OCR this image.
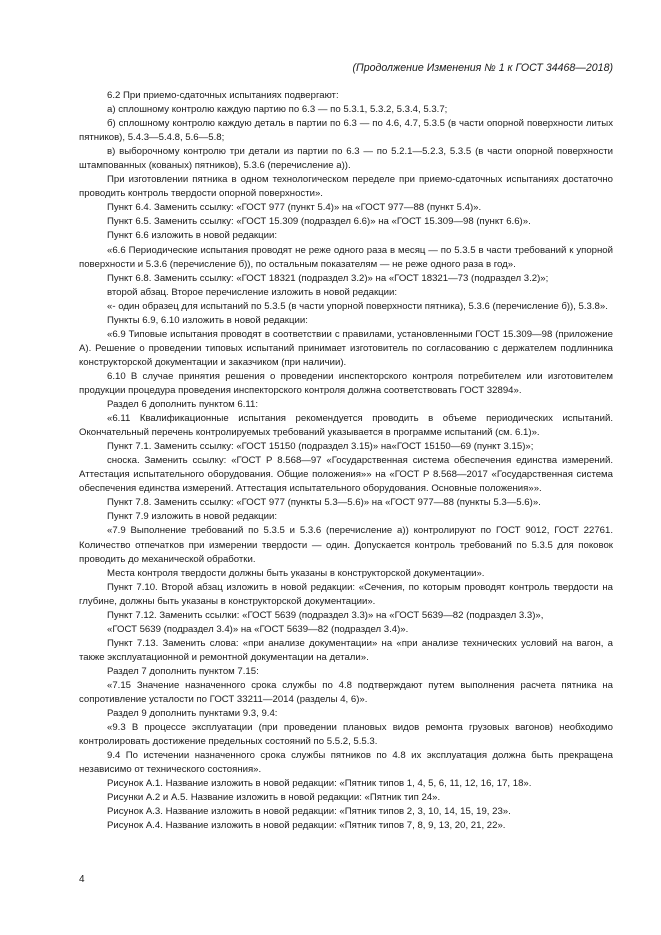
(Продолжение Изменения № 1 к ГОСТ 34468—2018)

6.2 При приемо-сдаточных испытаниях подвергают:

а) сплошному контролю каждую партию по 6.3 — по 5.3.1, 5.3.2, 5.3.4, 5.3.7;

б) сплошному контролю каждую деталь в партии по 6.3 — по 4.6, 4.7, 5.3.5 (в части опорной поверхности литых пятников), 5.4.3—5.4.8, 5.6—5.8;

в) выборочному контролю три детали из партии по 6.3 — по 5.2.1—5.2.3, 5.3.5 (в части опорной поверхности штампованных (кованых) пятников), 5.3.6 (перечисление а)).

При изготовлении пятника в одном технологическом переделе при приемо-сдаточных испытаниях достаточно проводить контроль твердости опорной поверхности».

Пункт 6.4. Заменить ссылку: «ГОСТ 977 (пункт 5.4)» на «ГОСТ 977—88 (пункт 5.4)».

Пункт 6.5. Заменить ссылку: «ГОСТ 15.309 (подраздел 6.6)» на «ГОСТ 15.309—98 (пункт 6.6)».

Пункт 6.6 изложить в новой редакции:

«6.6 Периодические испытания проводят не реже одного раза в месяц — по 5.3.5 в части требований к упорной поверхности и 5.3.6 (перечисление б)), по остальным показателям — не реже одного раза в год».

Пункт 6.8. Заменить ссылку: «ГОСТ 18321 (подраздел 3.2)» на «ГОСТ 18321—73 (подраздел 3.2)»;

второй абзац. Второе перечисление изложить в новой редакции:

«- один образец для испытаний по 5.3.5 (в части упорной поверхности пятника), 5.3.6 (перечисление б)), 5.3.8».

Пункты 6.9, 6.10 изложить в новой редакции:

«6.9 Типовые испытания проводят в соответствии с правилами, установленными ГОСТ 15.309—98 (приложение А). Решение о проведении типовых испытаний принимает изготовитель по согласованию с держателем подлинника конструкторской документации и заказчиком (при наличии).

6.10 В случае принятия решения о проведении инспекторского контроля потребителем или изготовителем продукции процедура проведения инспекторского контроля должна соответствовать ГОСТ 32894».

Раздел 6 дополнить пунктом 6.11:

«6.11 Квалификационные испытания рекомендуется проводить в объеме периодических испытаний. Окончательный перечень контролируемых требований указывается в программе испытаний (см. 6.1)».

Пункт 7.1. Заменить ссылку: «ГОСТ 15150 (подраздел 3.15)» на«ГОСТ 15150—69 (пункт 3.15)»;

сноска. Заменить ссылку: «ГОСТ Р 8.568—97 «Государственная система обеспечения единства измерений. Аттестация испытательного оборудования. Общие положения»» на «ГОСТ Р 8.568—2017 «Государственная система обеспечения единства измерений. Аттестация испытательного оборудования. Основные положения»».

Пункт 7.8. Заменить ссылку: «ГОСТ 977 (пункты 5.3—5.6)» на «ГОСТ 977—88 (пункты 5.3—5.6)».

Пункт 7.9 изложить в новой редакции:

«7.9 Выполнение требований по 5.3.5 и 5.3.6 (перечисление а)) контролируют по ГОСТ 9012, ГОСТ 22761. Количество отпечатков при измерении твердости — один. Допускается контроль требований по 5.3.5 для поковок проводить до механической обработки.

Места контроля твердости должны быть указаны в конструкторской документации».

Пункт 7.10. Второй абзац изложить в новой редакции: «Сечения, по которым проводят контроль твердости на глубине, должны быть указаны в конструкторской документации».

Пункт 7.12. Заменить ссылки: «ГОСТ 5639 (подраздел 3.3)» на «ГОСТ 5639—82 (подраздел 3.3)»,

«ГОСТ 5639 (подраздел 3.4)» на «ГОСТ 5639—82 (подраздел 3.4)».

Пункт 7.13. Заменить слова: «при анализе документации» на «при анализе технических условий на вагон, а также эксплуатационной и ремонтной документации на детали».

Раздел 7 дополнить пунктом 7.15:

«7.15 Значение назначенного срока службы по 4.8 подтверждают путем выполнения расчета пятника на сопротивление усталости по ГОСТ 33211—2014 (разделы 4, 6)».

Раздел 9 дополнить пунктами 9.3, 9.4:

«9.3 В процессе эксплуатации (при проведении плановых видов ремонта грузовых вагонов) необходимо контролировать достижение предельных состояний по 5.5.2, 5.5.3.

9.4 По истечении назначенного срока службы пятников по 4.8 их эксплуатация должна быть прекращена независимо от технического состояния».

Рисунок А.1. Название изложить в новой редакции: «Пятник типов 1, 4, 5, 6, 11, 12, 16, 17, 18».

Рисунки А.2 и А.5. Название изложить в новой редакции: «Пятник тип 24».

Рисунок А.3. Название изложить в новой редакции: «Пятник типов 2, 3, 10, 14, 15, 19, 23».

Рисунок А.4. Название изложить в новой редакции: «Пятник типов 7, 8, 9, 13, 20, 21, 22».

4
